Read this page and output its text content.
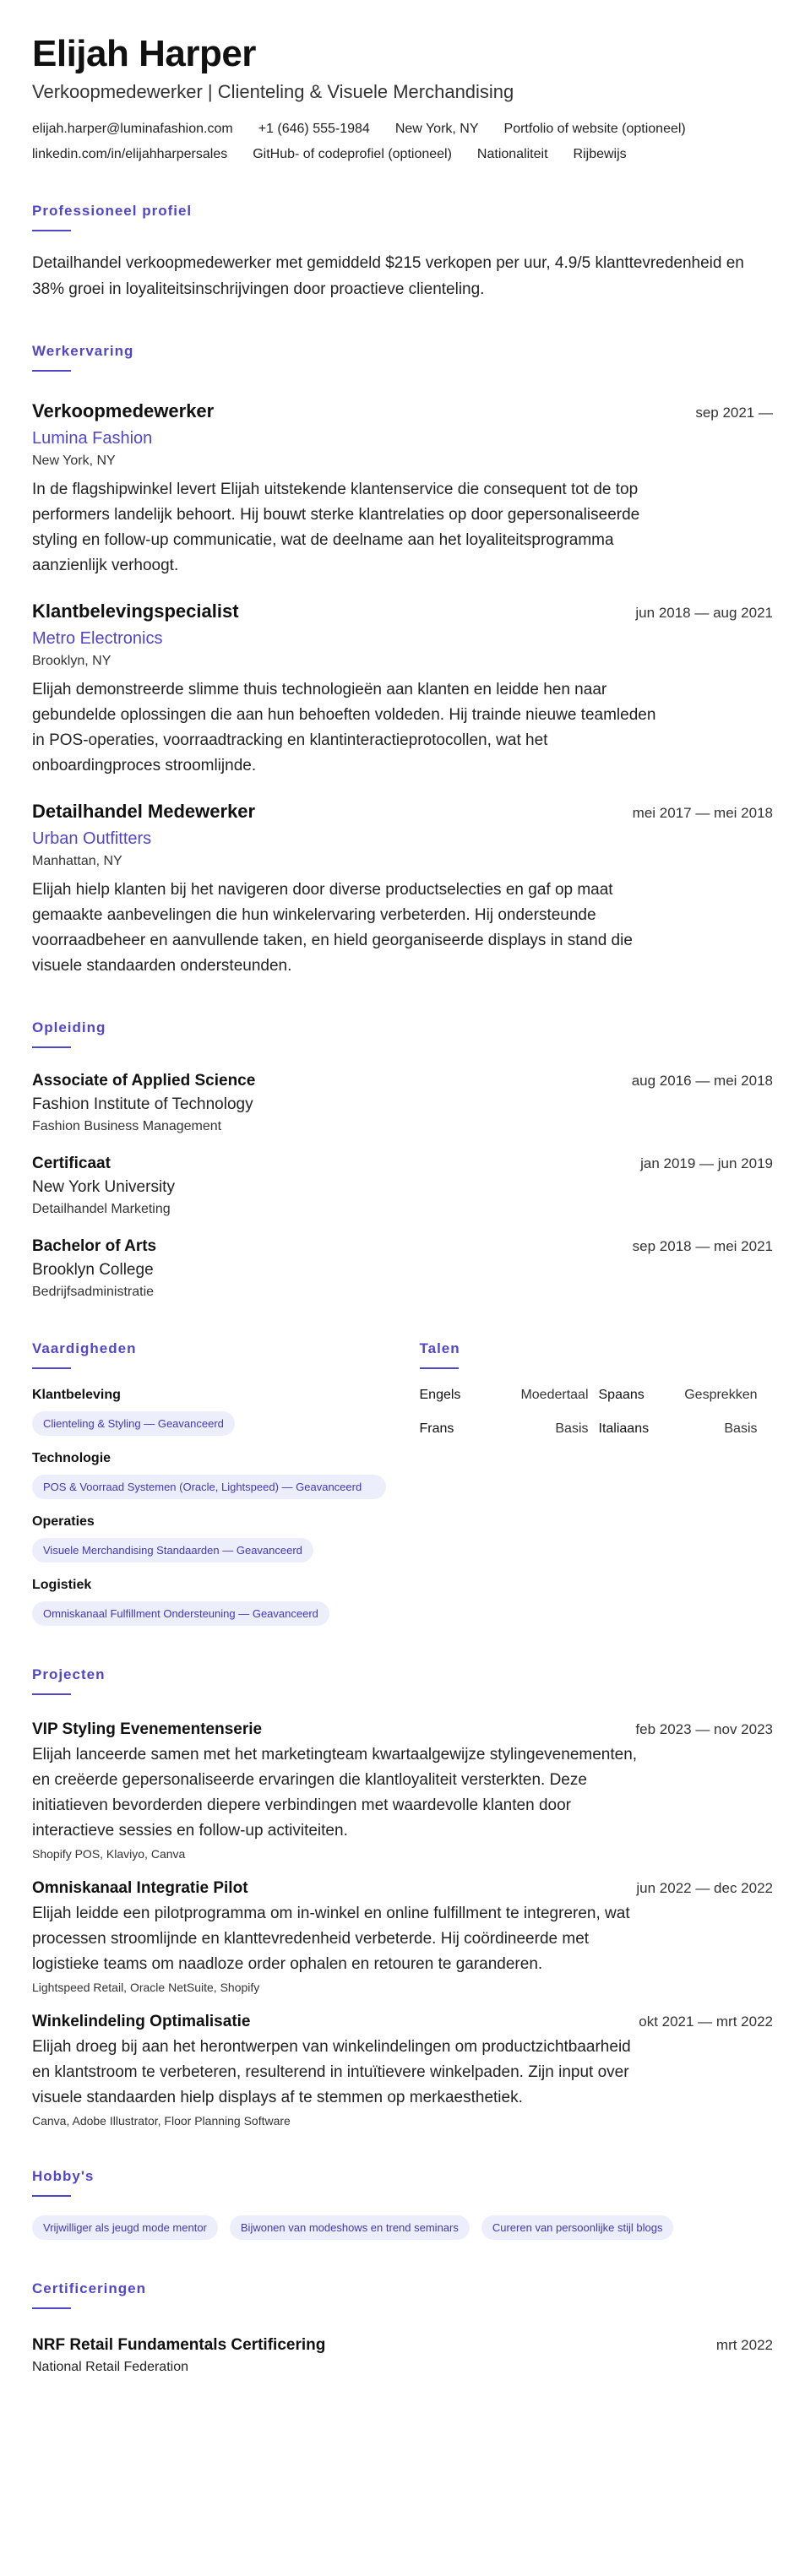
Elijah Harper
Verkoopmedewerker | Clienteling & Visuele Merchandising
elijah.harper@luminafashion.com +1 (646) 555-1984 New York, NY Portfolio of website (optioneel)
linkedin.com/in/elijahharpersales GitHub- of codeprofiel (optioneel) Nationaliteit Rijbewijs
Professioneel profiel

Detailhandel verkoopmedewerker met gemiddeld $215 verkopen per uur, 4.9/5 klanttevredenheid en 38% groei in loyaliteitsinschrijvingen door proactieve clienteling.

Werkervaring
Verkoopmedewerker	sep 2021 —
Lumina Fashion
New York, NY
In de flagshipwinkel levert Elijah uitstekende klantenservice die consequent tot de top performers landelijk behoort. Hij bouwt sterke klantrelaties op door gepersonaliseerde styling en follow-up communicatie, wat de deelname aan het loyaliteitsprogramma aanzienlijk verhoogt.
Klantbelevingspecialist	jun 2018 — aug 2021
Metro Electronics
Brooklyn, NY
Elijah demonstreerde slimme thuis technologieën aan klanten en leidde hen naar gebundelde oplossingen die aan hun behoeften voldeden. Hij trainde nieuwe teamleden in POS-operaties, voorraadtracking en klantinteractieprotocollen, wat het onboardingproces stroomlijnde.
Detailhandel Medewerker	mei 2017 — mei 2018
Urban Outfitters
Manhattan, NY
Elijah hielp klanten bij het navigeren door diverse productselecties en gaf op maat gemaakte aanbevelingen die hun winkelervaring verbeterden. Hij ondersteunde voorraadbeheer en aanvullende taken, en hield georganiseerde displays in stand die visuele standaarden ondersteunden.
Opleiding
Associate of Applied Science	aug 2016 — mei 2018
Fashion Institute of Technology
Fashion Business Management
Certificaat	jan 2019 — jun 2019
New York University
Detailhandel Marketing
Bachelor of Arts	sep 2018 — mei 2021
Brooklyn College
Bedrijfsadministratie
Vaardigheden
Klantbeleving
Clienteling & Styling — Geavanceerd
Technologie
POS & Voorraad Systemen (Oracle, Lightspeed) — Geavanceerd
Operaties
Visuele Merchandising Standaarden — Geavanceerd
Logistiek
Omniskanaal Fulfillment Ondersteuning — Geavanceerd
Talen
Engels	Moedertaal Spaans	Gesprekken
Frans	Basis Italiaans	Basis
Projecten
VIP Styling Evenementenserie	feb 2023 — nov 2023
Elijah lanceerde samen met het marketingteam kwartaalgewijze stylingevenementen, en creëerde gepersonaliseerde ervaringen die klantloyaliteit versterkten. Deze initiatieven bevorderden diepere verbindingen met waardevolle klanten door interactieve sessies en follow-up activiteiten.
Shopify POS, Klaviyo, Canva
Omniskanaal Integratie Pilot	jun 2022 — dec 2022
Elijah leidde een pilotprogramma om in-winkel en online fulfillment te integreren, wat processen stroomlijnde en klanttevredenheid verbeterde. Hij coördineerde met logistieke teams om naadloze order ophalen en retouren te garanderen.
Lightspeed Retail, Oracle NetSuite, Shopify
Winkelindeling Optimalisatie	okt 2021 — mrt 2022
Elijah droeg bij aan het herontwerpen van winkelindelingen om productzichtbaarheid en klantstroom te verbeteren, resulterend in intuïtievere winkelpaden. Zijn input over visuele standaarden hielp displays af te stemmen op merkaesthetiek.
Canva, Adobe Illustrator, Floor Planning Software
Hobby's
Vrijwilliger als jeugd mode mentor	Bijwonen van modeshows en trend seminars	Cureren van persoonlijke stijl blogs
Certificeringen
NRF Retail Fundamentals Certificering	mrt 2022
National Retail Federation
